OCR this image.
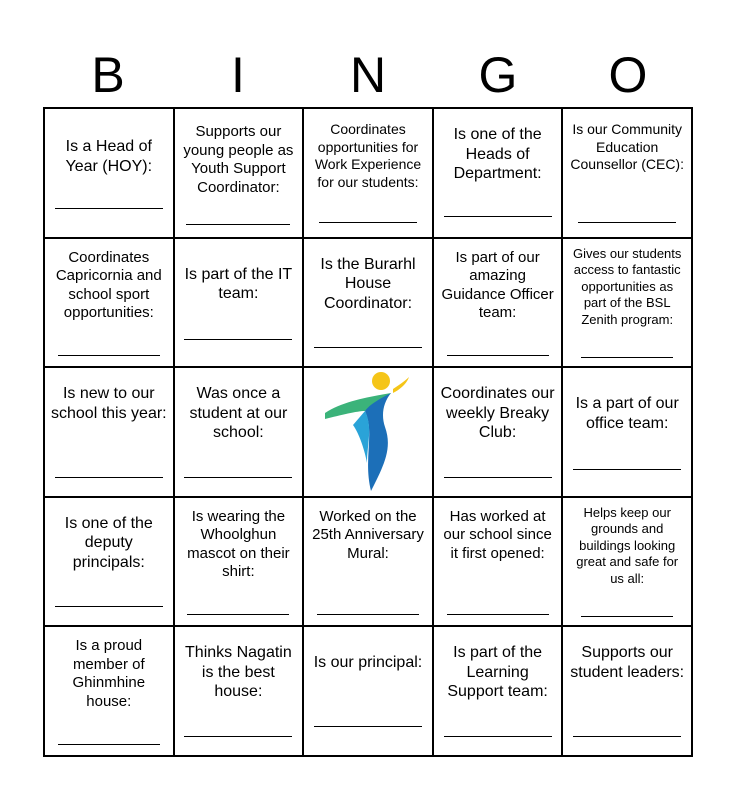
B	I	N	G	O
Is a Head of Year (HOY):
Supports our young people as Youth Support Coordinator:
Coordinates opportunities for Work Experience for our students:
Is one of the Heads of Department:
Is our Community Education Counsellor (CEC):
Coordinates Capricornia and school sport opportunities:
Is part of the IT team:
Is the Burarhl House Coordinator:
Is part of our amazing Guidance Officer team:
Gives our students access to fantastic opportunities as part of the BSL Zenith program:
Is new to our school this year:
Was once a student at our school:
Coordinates our weekly Breaky Club:
Is a part of our office team:
Is one of the deputy principals:
Is wearing the Whoolghun mascot on their shirt:
Worked on the 25th Anniversary Mural:
Has worked at our school since it first opened:
Helps keep our grounds and buildings looking great and safe for us all:
Is a proud member of Ghinmhine house:
Thinks Nagatin is the best house:
Is our principal:
Is part of the Learning Support team:
Supports our student leaders:
